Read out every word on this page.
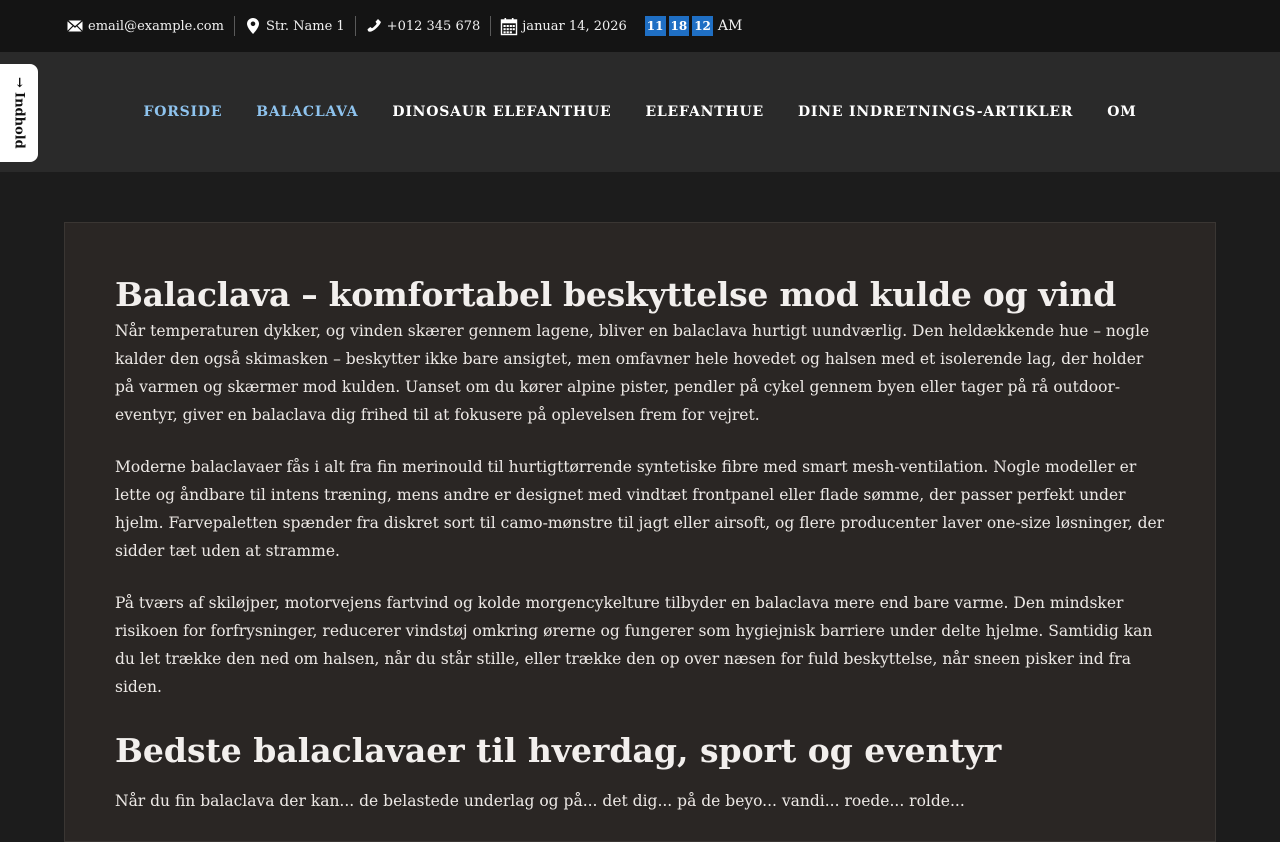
email@example.com	Str. Name 1	+012 345 678	januar 14, 2026 11 18 12 AM
FORSIDE BALACLAVA DINOSAUR ELEFANTHUE ELEFANTHUE DINE INDRETNINGS-ARTIKLER OM
→
Indhold
Balaclava – komfortabel beskyttelse mod kulde og vind

Når temperaturen dykker, og vinden skærer gennem lagene, bliver en balaclava hurtigt uundværlig. Den heldækkende hue – nogle kalder den også skimasken – beskytter ikke bare ansigtet, men omfavner hele hovedet og halsen med et isolerende lag, der holder på varmen og skærmer mod kulden. Uanset om du kører alpine pister, pendler på cykel gennem byen eller tager på rå outdoor-eventyr, giver en balaclava dig frihed til at fokusere på oplevelsen frem for vejret.

Moderne balaclavaer fås i alt fra fin merinould til hurtigttørrende syntetiske fibre med smart mesh-ventilation. Nogle modeller er lette og åndbare til intens træning, mens andre er designet med vindtæt frontpanel eller flade sømme, der passer perfekt under hjelm. Farvepaletten spænder fra diskret sort til camo-mønstre til jagt eller airsoft, og flere producenter laver one-size løsninger, der sidder tæt uden at stramme.

På tværs af skiløjper, motorvejens fartvind og kolde morgencykelture tilbyder en balaclava mere end bare varme. Den mindsker risikoen for forfrysninger, reducerer vindstøj omkring ørerne og fungerer som hygiejnisk barriere under delte hjelme. Samtidig kan du let trække den ned om halsen, når du står stille, eller trække den op over næsen for fuld beskyttelse, når sneen pisker ind fra siden.

Bedste balaclavaer til hverdag, sport og eventyr

Når du fin balaclava der kan... de belastede underlag og på... det dig... på de beyo... vandi... roede... rolde...
